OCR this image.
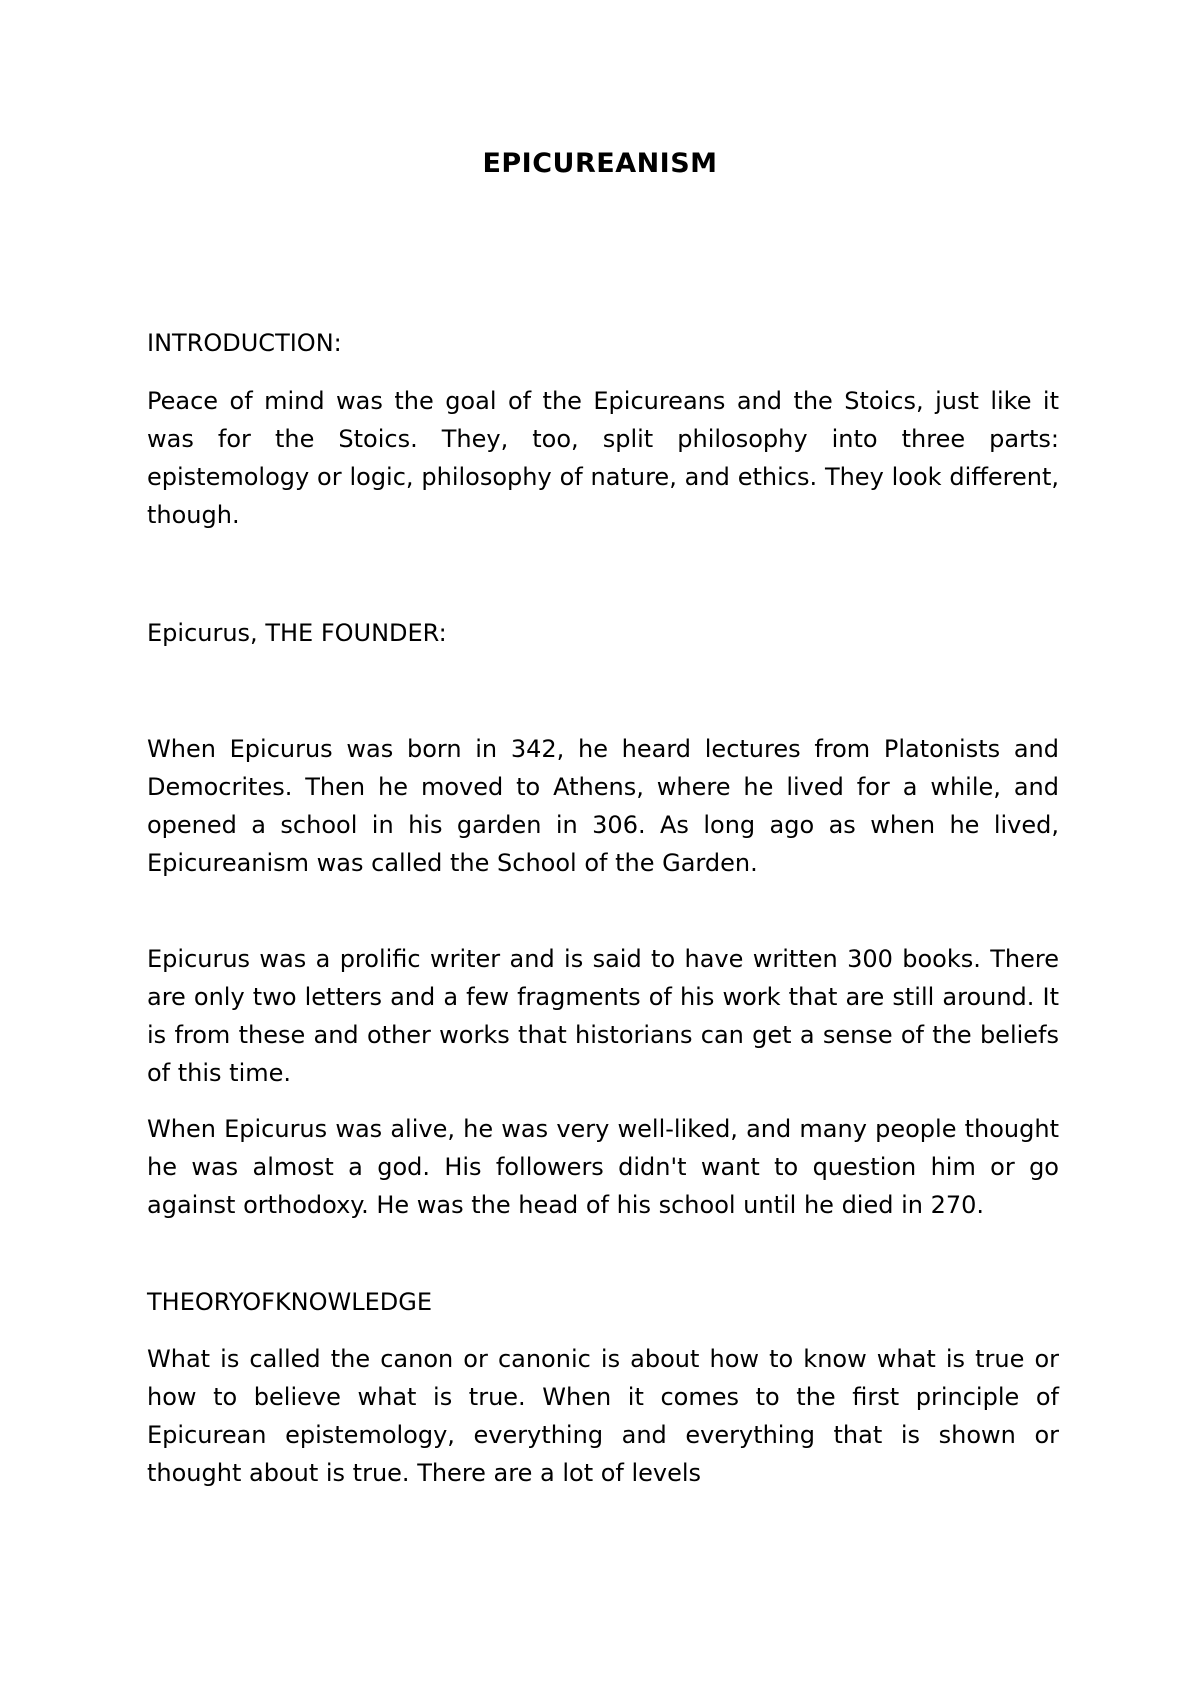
EPICUREANISM

INTRODUCTION:

Peace of mind was the goal of the Epicureans and the Stoics, just like it was for the Stoics. They, too, split philosophy into three parts: epistemology or logic, philosophy of nature, and ethics. They look different, though.

Epicurus, THE FOUNDER:

When Epicurus was born in 342, he heard lectures from Platonists and Democrites. Then he moved to Athens, where he lived for a while, and opened a school in his garden in 306. As long ago as when he lived, Epicureanism was called the School of the Garden.

Epicurus was a prolific writer and is said to have written 300 books. There are only two letters and a few fragments of his work that are still around. It is from these and other works that historians can get a sense of the beliefs of this time.

When Epicurus was alive, he was very well-liked, and many people thought he was almost a god. His followers didn't want to question him or go against orthodoxy. He was the head of his school until he died in 270.

THEORYOFKNOWLEDGE

What is called the canon or canonic is about how to know what is true or how to believe what is true. When it comes to the first principle of Epicurean epistemology, everything and everything that is shown or thought about is true. There are a lot of levels
